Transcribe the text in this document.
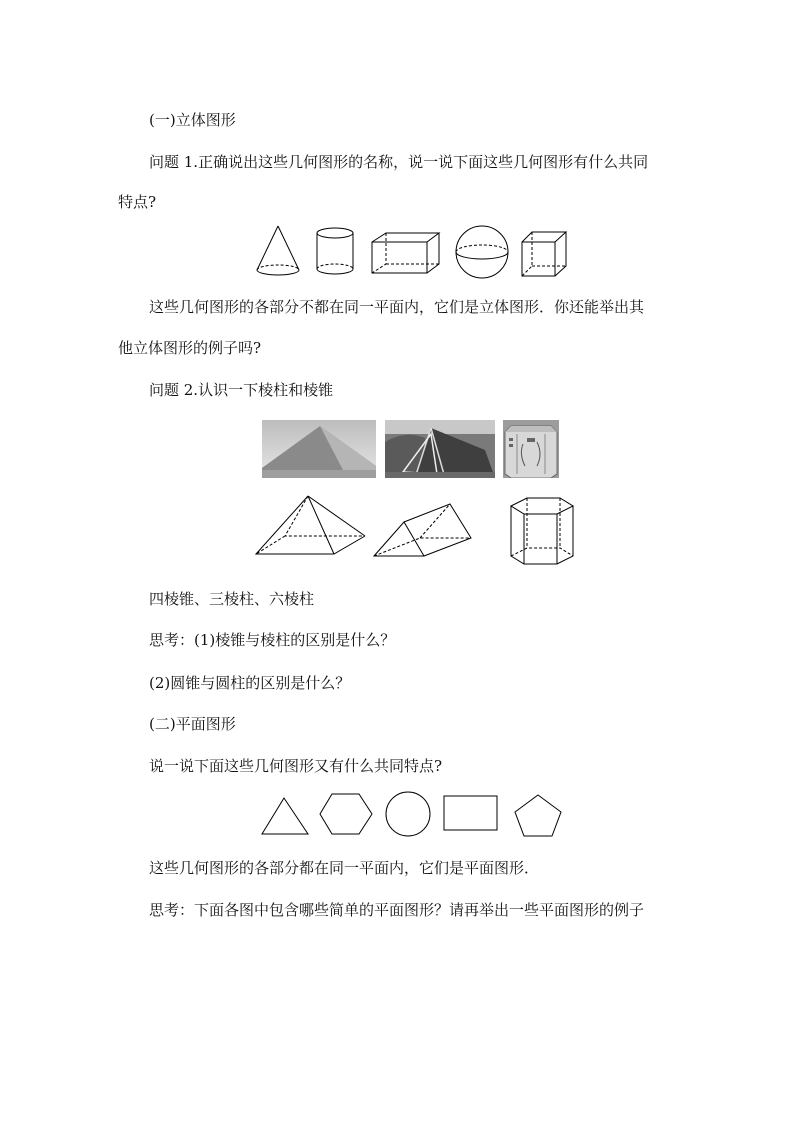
(一)立体图形
问题 1.正确说出这些几何图形的名称，说一说下面这些几何图形有什么共同
特点?
这些几何图形的各部分不都在同一平面内，它们是立体图形．你还能举出其
他立体图形的例子吗?
问题 2.认识一下棱柱和棱锥
四棱锥、三棱柱、六棱柱
思考：(1)棱锥与棱柱的区别是什么？
(2)圆锥与圆柱的区别是什么？
(二)平面图形
说一说下面这些几何图形又有什么共同特点?
这些几何图形的各部分都在同一平面内，它们是平面图形．
思考：下面各图中包含哪些简单的平面图形？请再举出一些平面图形的例子
